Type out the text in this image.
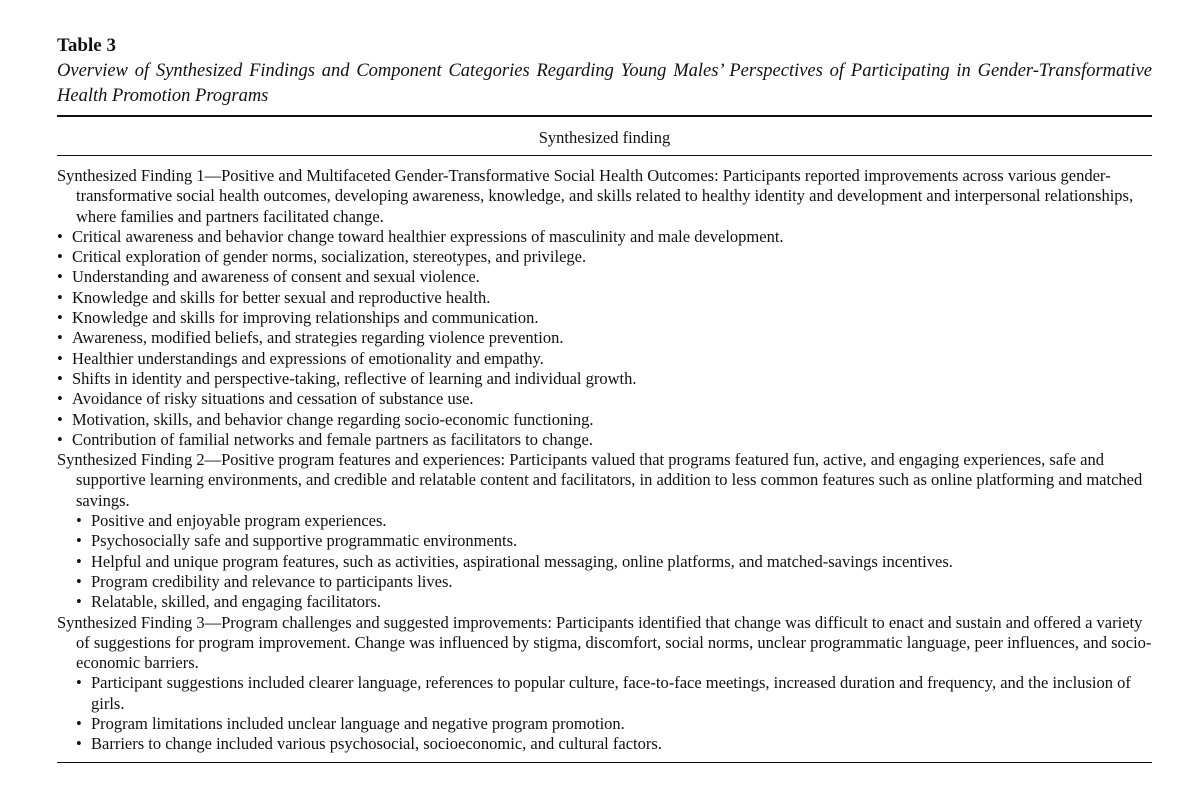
Table 3

Overview of Synthesized Findings and Component Categories Regarding Young Males’ Perspectives of Participating in Gender-Transformative Health Promotion Programs

Synthesized finding

Synthesized Finding 1—Positive and Multifaceted Gender-Transformative Social Health Outcomes: Participants reported improvements across various gender-transformative social health outcomes, developing awareness, knowledge, and skills related to healthy identity and development and interpersonal relationships, where families and partners facilitated change.

• Critical awareness and behavior change toward healthier expressions of masculinity and male development.
• Critical exploration of gender norms, socialization, stereotypes, and privilege.
• Understanding and awareness of consent and sexual violence.
• Knowledge and skills for better sexual and reproductive health.
• Knowledge and skills for improving relationships and communication.
• Awareness, modified beliefs, and strategies regarding violence prevention.
• Healthier understandings and expressions of emotionality and empathy.
• Shifts in identity and perspective-taking, reflective of learning and individual growth.
• Avoidance of risky situations and cessation of substance use.
• Motivation, skills, and behavior change regarding socio-economic functioning.
• Contribution of familial networks and female partners as facilitators to change.

Synthesized Finding 2—Positive program features and experiences: Participants valued that programs featured fun, active, and engaging experiences, safe and supportive learning environments, and credible and relatable content and facilitators, in addition to less common features such as online platforming and matched savings.

• Positive and enjoyable program experiences.
• Psychosocially safe and supportive programmatic environments.
• Helpful and unique program features, such as activities, aspirational messaging, online platforms, and matched-savings incentives.
• Program credibility and relevance to participants lives.
• Relatable, skilled, and engaging facilitators.

Synthesized Finding 3—Program challenges and suggested improvements: Participants identified that change was difficult to enact and sustain and offered a variety of suggestions for program improvement. Change was influenced by stigma, discomfort, social norms, unclear programmatic language, peer influences, and socio-economic barriers.

• Participant suggestions included clearer language, references to popular culture, face-to-face meetings, increased duration and frequency, and the inclusion of girls.
• Program limitations included unclear language and negative program promotion.
• Barriers to change included various psychosocial, socioeconomic, and cultural factors.
